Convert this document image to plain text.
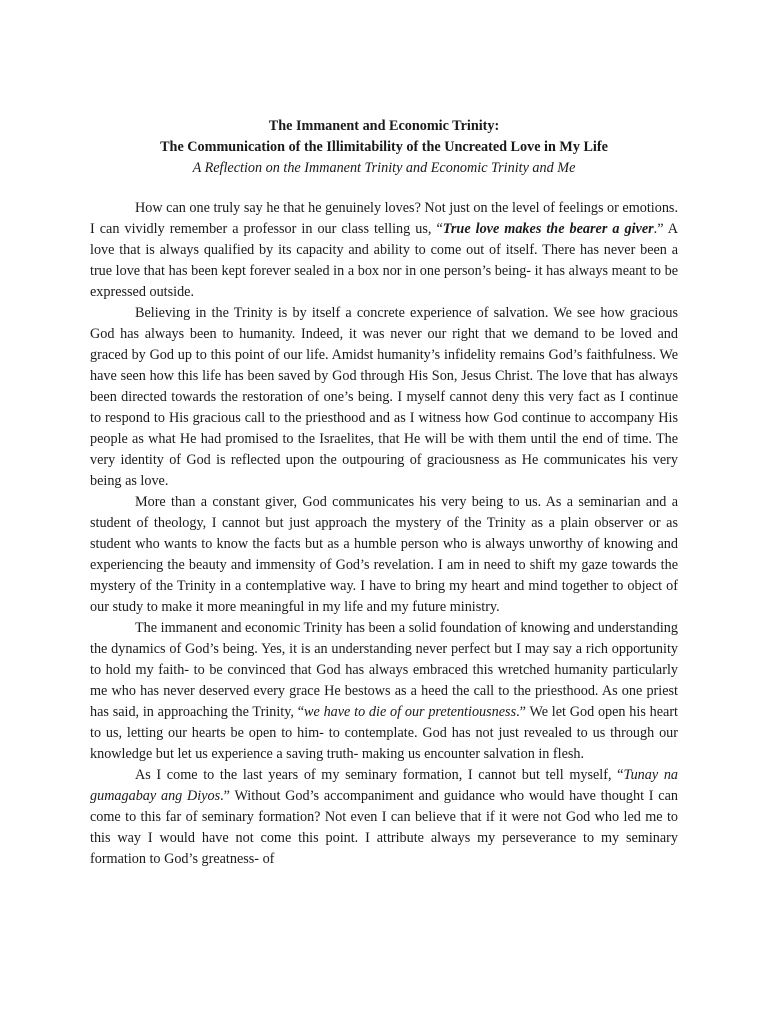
The Immanent and Economic Trinity:
The Communication of the Illimitability of the Uncreated Love in My Life
A Reflection on the Immanent Trinity and Economic Trinity and Me

How can one truly say he that he genuinely loves? Not just on the level of feelings or emotions. I can vividly remember a professor in our class telling us, “True love makes the bearer a giver.” A love that is always qualified by its capacity and ability to come out of itself. There has never been a true love that has been kept forever sealed in a box nor in one person’s being- it has always meant to be expressed outside.

Believing in the Trinity is by itself a concrete experience of salvation. We see how gracious God has always been to humanity. Indeed, it was never our right that we demand to be loved and graced by God up to this point of our life. Amidst humanity’s infidelity remains God’s faithfulness. We have seen how this life has been saved by God through His Son, Jesus Christ. The love that has always been directed towards the restoration of one’s being. I myself cannot deny this very fact as I continue to respond to His gracious call to the priesthood and as I witness how God continue to accompany His people as what He had promised to the Israelites, that He will be with them until the end of time. The very identity of God is reflected upon the outpouring of graciousness as He communicates his very being as love.

More than a constant giver, God communicates his very being to us. As a seminarian and a student of theology, I cannot but just approach the mystery of the Trinity as a plain observer or as student who wants to know the facts but as a humble person who is always unworthy of knowing and experiencing the beauty and immensity of God’s revelation. I am in need to shift my gaze towards the mystery of the Trinity in a contemplative way. I have to bring my heart and mind together to object of our study to make it more meaningful in my life and my future ministry.

The immanent and economic Trinity has been a solid foundation of knowing and understanding the dynamics of God’s being. Yes, it is an understanding never perfect but I may say a rich opportunity to hold my faith- to be convinced that God has always embraced this wretched humanity particularly me who has never deserved every grace He bestows as a heed the call to the priesthood. As one priest has said, in approaching the Trinity, “we have to die of our pretentiousness.” We let God open his heart to us, letting our hearts be open to him- to contemplate. God has not just revealed to us through our knowledge but let us experience a saving truth- making us encounter salvation in flesh.

As I come to the last years of my seminary formation, I cannot but tell myself, “Tunay na gumagabay ang Diyos.” Without God’s accompaniment and guidance who would have thought I can come to this far of seminary formation? Not even I can believe that if it were not God who led me to this way I would have not come this point. I attribute always my perseverance to my seminary formation to God’s greatness- of
